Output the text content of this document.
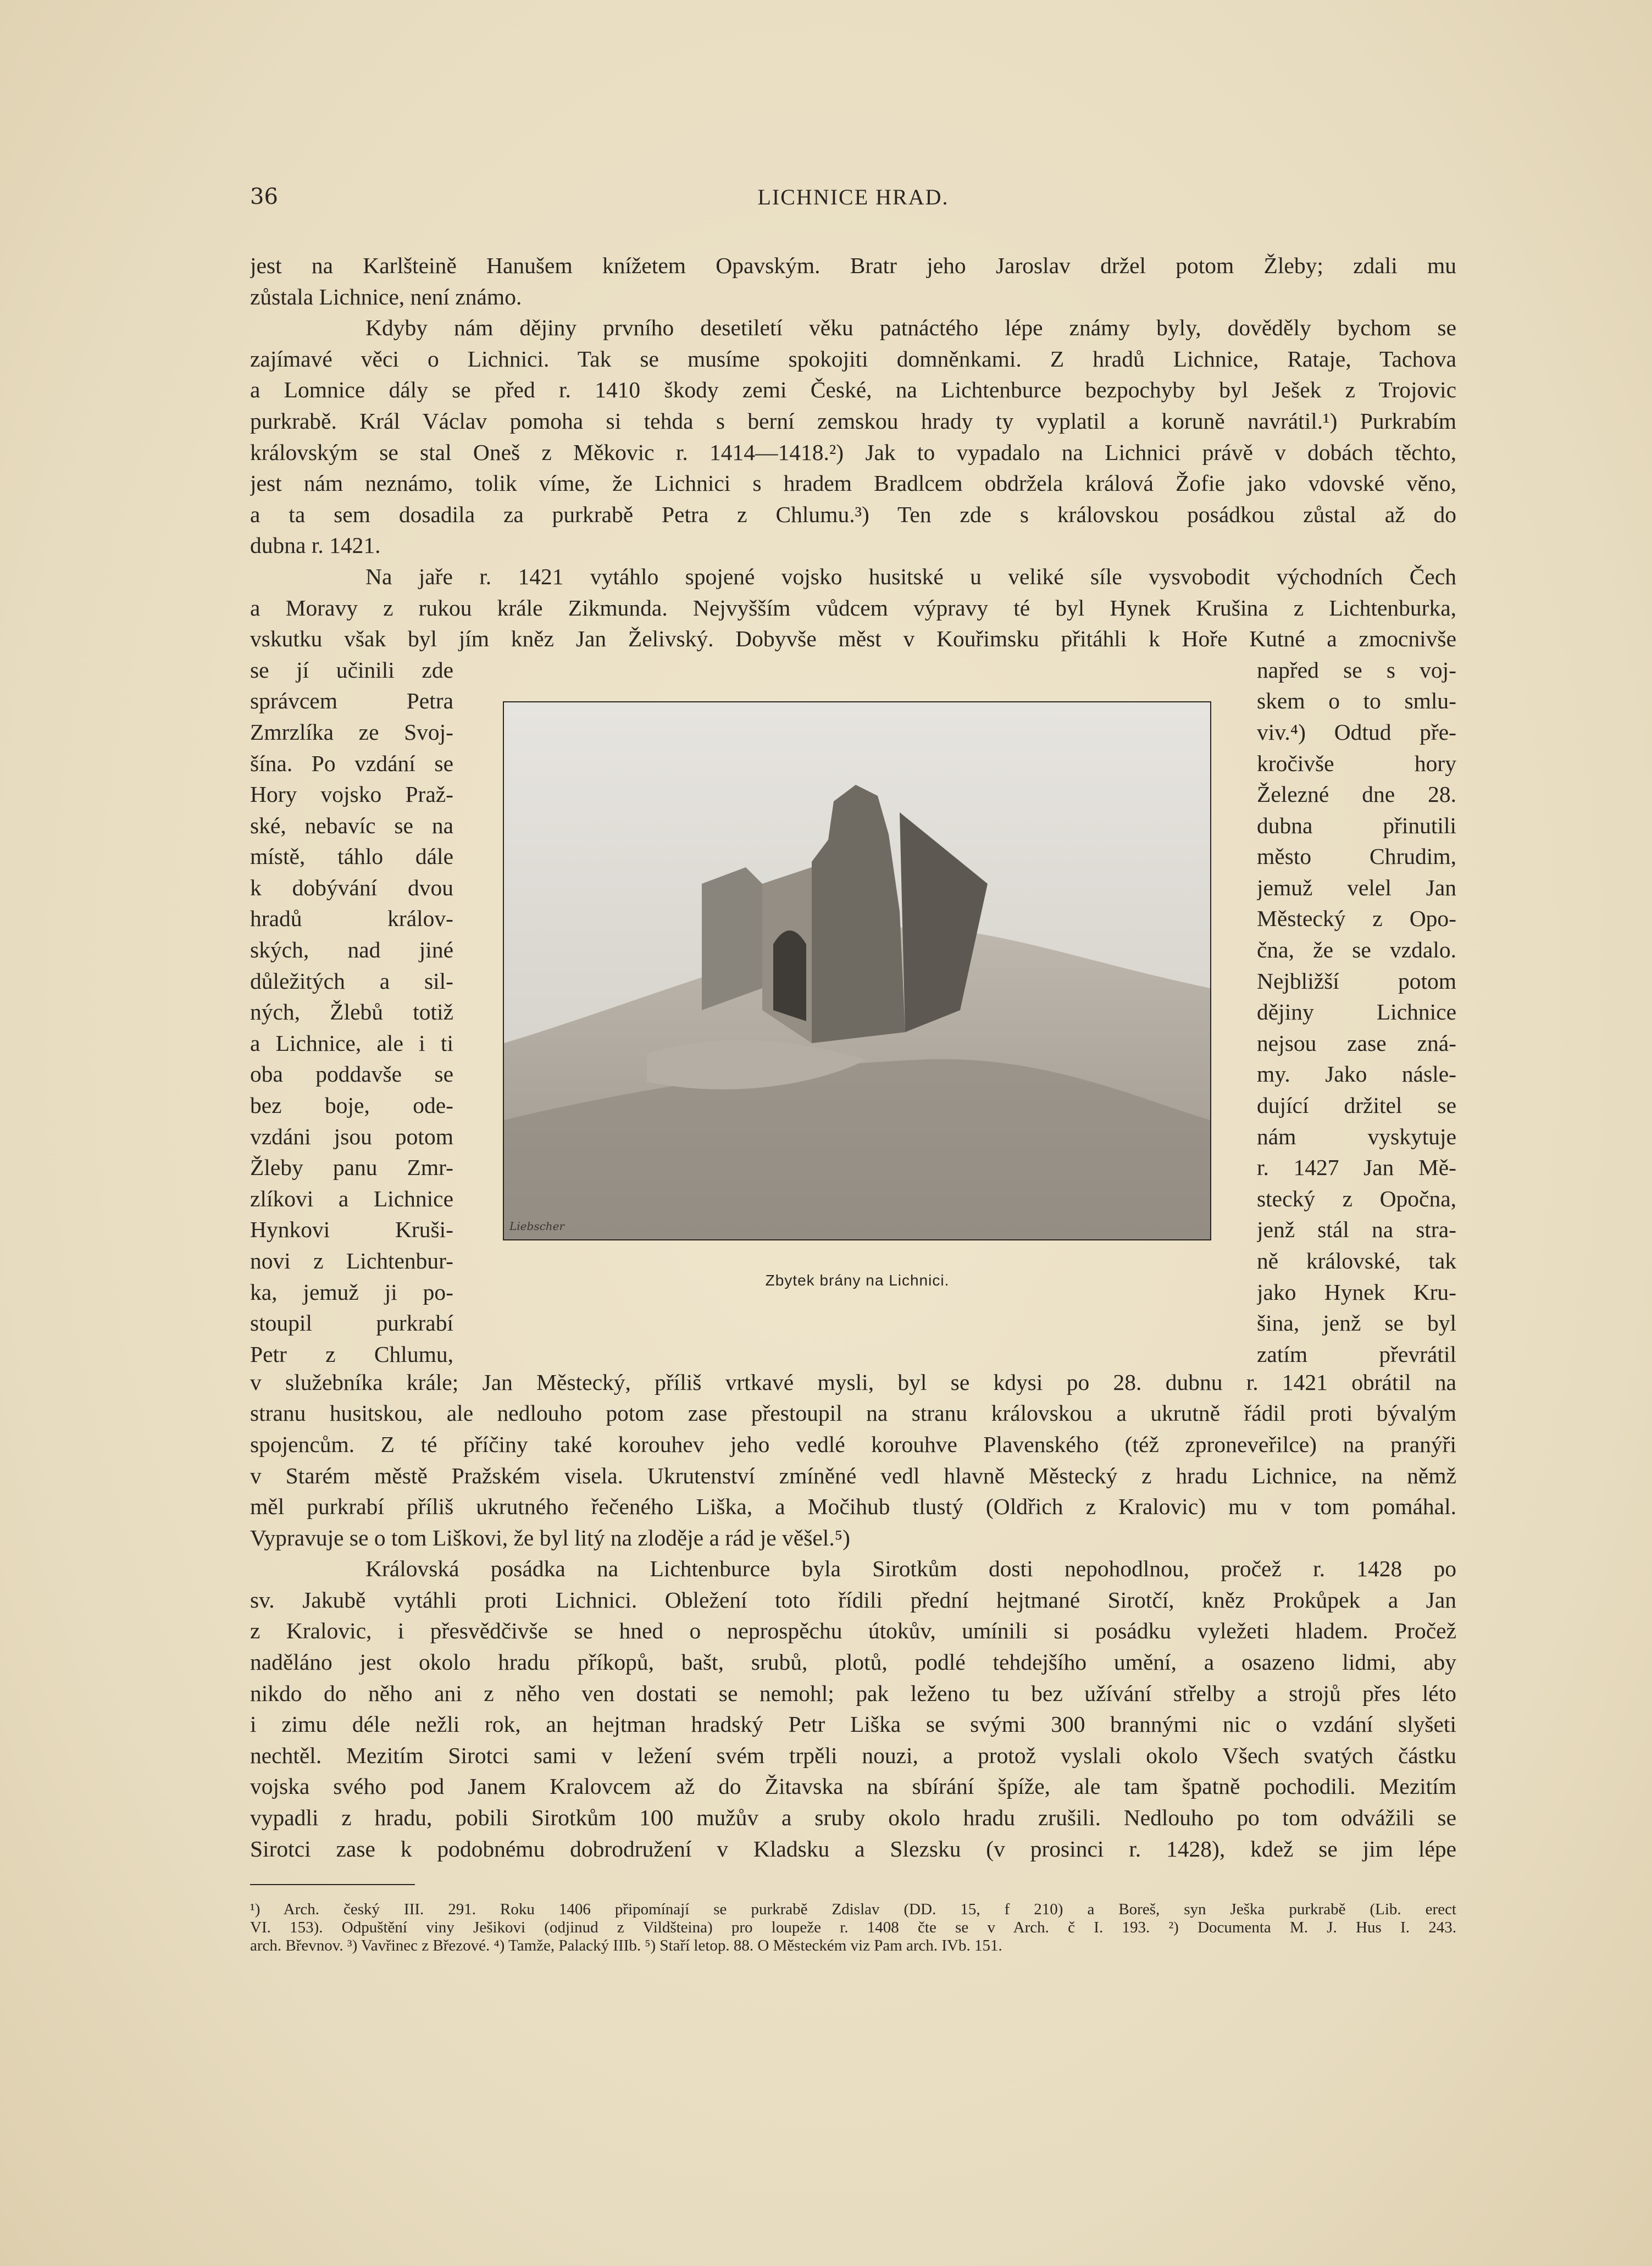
36	LICHNICE HRAD.
jest na Karlšteině Hanušem knížetem Opavským. Bratr jeho Jaroslav držel potom Žleby; zdali mu
zůstala Lichnice, není známo.
Kdyby nám dějiny prvního desetiletí věku patnáctého lépe známy byly, dověděly bychom se
zajímavé věci o Lichnici. Tak se musíme spokojiti domněnkami. Z hradů Lichnice, Rataje, Tachova
a Lomnice dály se před r. 1410 škody zemi České, na Lichtenburce bezpochyby byl Ješek z Trojovic
purkrabě. Král Václav pomoha si tehda s berní zemskou hrady ty vyplatil a koruně navrátil.¹) Purkrabím
královským se stal Oneš z Měkovic r. 1414—1418.²) Jak to vypadalo na Lichnici právě v dobách těchto,
jest nám neznámo, tolik víme, že Lichnici s hradem Bradlcem obdržela králová Žofie jako vdovské věno,
a ta sem dosadila za purkrabě Petra z Chlumu.³) Ten zde s královskou posádkou zůstal až do
dubna r. 1421.
Na jaře r. 1421 vytáhlo spojené vojsko husitské u veliké síle vysvobodit východních Čech
a Moravy z rukou krále Zikmunda. Nejvyšším vůdcem výpravy té byl Hynek Krušina z Lichtenburka,
vskutku však byl jím kněz Jan Želivský. Dobyvše měst v Kouřimsku přitáhli k Hoře Kutné a zmocnivše
se jí učinili zde
správcem Petra
Zmrzlíka ze Svoj-
šína. Po vzdání se
Hory vojsko Praž-
ské, nebavíc se na
místě, táhlo dále
k dobývání dvou
hradů králov-
ských, nad jiné
důležitých a sil-
ných, Žlebů totiž
a Lichnice, ale i ti
oba poddavše se
bez boje, ode-
vzdáni jsou potom
Žleby panu Zmr-
zlíkovi a Lichnice
Hynkovi Kruši-
novi z Lichtenbur-
ka, jemuž ji po-
stoupil purkrabí
Petr z Chlumu,
Liebscher
Zbytek brány na Lichnici.
napřed se s voj-
skem o to smlu-
viv.⁴) Odtud pře-
kročivše hory
Železné dne 28.
dubna přinutili
město Chrudim,
jemuž velel Jan
Městecký z Opo-
čna, že se vzdalo.
Nejbližší potom
dějiny Lichnice
nejsou zase zná-
my. Jako násle-
dující držitel se
nám vyskytuje
r. 1427 Jan Mě-
stecký z Opočna,
jenž stál na stra-
ně královské, tak
jako Hynek Kru-
šina, jenž se byl
zatím převrátil
v služebníka krále; Jan Městecký, příliš vrtkavé mysli, byl se kdysi po 28. dubnu r. 1421 obrátil na
stranu husitskou, ale nedlouho potom zase přestoupil na stranu královskou a ukrutně řádil proti bývalým
spojencům. Z té příčiny také korouhev jeho vedlé korouhve Plavenského (též zproneveřilce) na pranýři
v Starém městě Pražském visela. Ukrutenství zmíněné vedl hlavně Městecký z hradu Lichnice, na němž
měl purkrabí příliš ukrutného řečeného Liška, a Močihub tlustý (Oldřich z Kralovic) mu v tom pomáhal.
Vypravuje se o tom Liškovi, že byl litý na zloděje a rád je věšel.⁵)
Královská posádka na Lichtenburce byla Sirotkům dosti nepohodlnou, pročež r. 1428 po
sv. Jakubě vytáhli proti Lichnici. Obležení toto řídili přední hejtmané Sirotčí, kněz Prokůpek a Jan
z Kralovic, i přesvědčivše se hned o neprospěchu útokův, umínili si posádku vyležeti hladem. Pročež
naděláno jest okolo hradu příkopů, bašt, srubů, plotů, podlé tehdejšího umění, a osazeno lidmi, aby
nikdo do něho ani z něho ven dostati se nemohl; pak leženo tu bez užívání střelby a strojů přes léto
i zimu déle nežli rok, an hejtman hradský Petr Liška se svými 300 brannými nic o vzdání slyšeti
nechtěl. Mezitím Sirotci sami v ležení svém trpěli nouzi, a protož vyslali okolo Všech svatých částku
vojska svého pod Janem Kralovcem až do Žitavska na sbírání špíže, ale tam špatně pochodili. Mezitím
vypadli z hradu, pobili Sirotkům 100 mužův a sruby okolo hradu zrušili. Nedlouho po tom odvážili se
Sirotci zase k podobnému dobrodružení v Kladsku a Slezsku (v prosinci r. 1428), kdež se jim lépe
¹) Arch. český III. 291. Roku 1406 připomínají se purkrabě Zdislav (DD. 15, f 210) a Boreš, syn Ješka purkrabě (Lib. erect
VI. 153). Odpuštění viny Ješikovi (odjinud z Vildšteina) pro loupeže r. 1408 čte se v Arch. č I. 193. ²) Documenta M. J. Hus I. 243.
arch. Břevnov. ³) Vavřinec z Březové. ⁴) Tamže, Palacký IIIb. ⁵) Staří letop. 88. O Městeckém viz Pam arch. IVb. 151.
